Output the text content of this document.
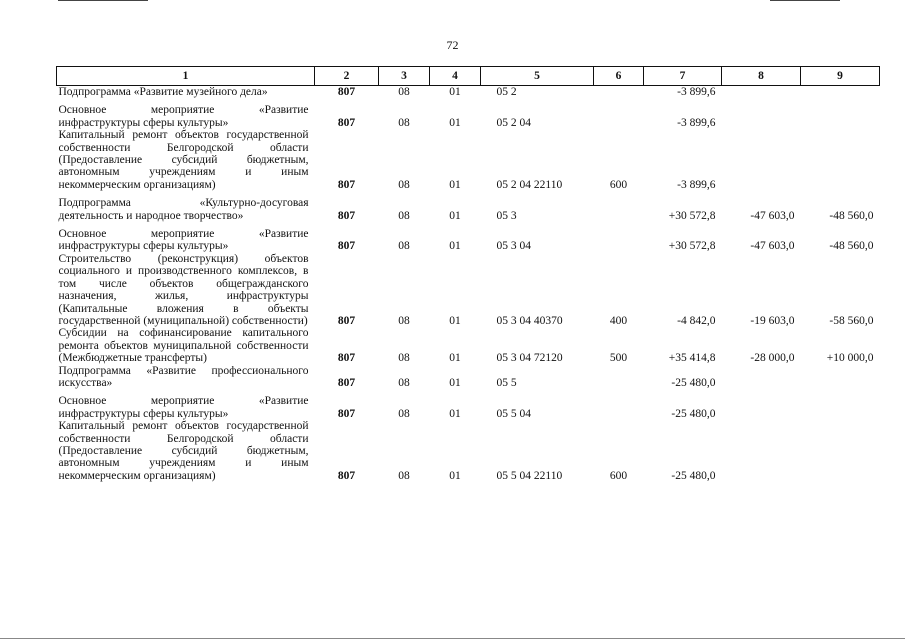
72
1	2	3	4	5	6	7	8	9

Подпрограмма «Развитие музейного дела»	807	08	01	05 2		-3 899,6		

Основное мероприятие «Развитие инфраструктуры сферы культуры»	807	08	01	05 2 04		-3 899,6		

Капитальный ремонт объектов государственной собственности Белгородской области (Предоставление субсидий бюджетным, автономным учреждениям и иным некоммерческим организациям)	807	08	01	05 2 04 22110	600	-3 899,6		

Подпрограмма «Культурно-досуговая деятельность и народное творчество»	807	08	01	05 3		+30 572,8	-47 603,0	-48 560,0

Основное мероприятие «Развитие инфраструктуры сферы культуры»	807	08	01	05 3 04		+30 572,8	-47 603,0	-48 560,0

Строительство (реконструкция) объектов социального и производственного комплексов, в том числе объектов общегражданского назначения, жилья, инфраструктуры (Капитальные вложения в объекты государственной (муниципальной) собственности)	807	08	01	05 3 04 40370	400	-4 842,0	-19 603,0	-58 560,0

Субсидии на софинансирование капитального ремонта объектов муниципальной собственности (Межбюджетные трансферты)	807	08	01	05 3 04 72120	500	+35 414,8	-28 000,0	+10 000,0

Подпрограмма «Развитие профессионального искусства»	807	08	01	05 5		-25 480,0		

Основное мероприятие «Развитие инфраструктуры сферы культуры»	807	08	01	05 5 04		-25 480,0		

Капитальный ремонт объектов государственной собственности Белгородской области (Предоставление субсидий бюджетным, автономным учреждениям и иным некоммерческим организациям)	807	08	01	05 5 04 22110	600	-25 480,0		
